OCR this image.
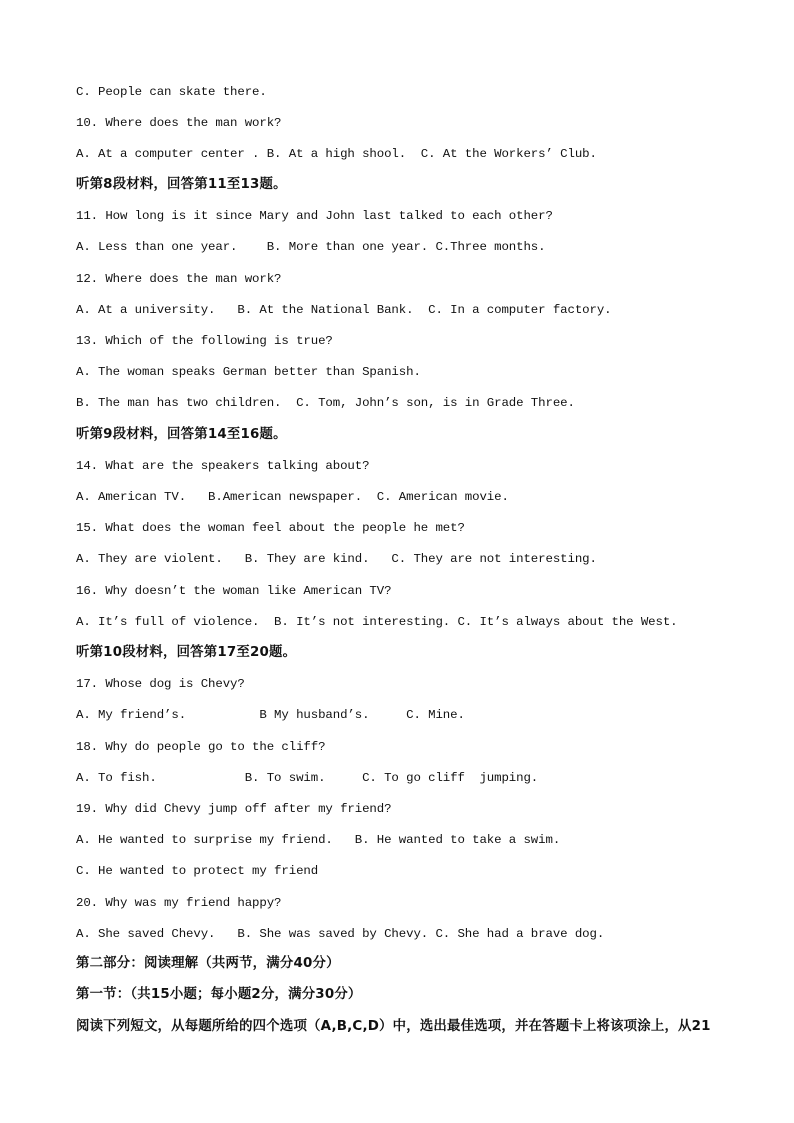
C. People can skate there.
10. Where does the man work?
A. At a computer center . B. At a high shool.  C. At the Workers’ Club.
听第8段材料，回答第11至13题。
11. How long is it since Mary and John last talked to each other?
A. Less than one year.    B. More than one year. C.Three months.
12. Where does the man work?
A. At a university.   B. At the National Bank.  C. In a computer factory.
13. Which of the following is true?
A. The woman speaks German better than Spanish.
B. The man has two children.  C. Tom, John’s son, is in Grade Three.
听第9段材料，回答第14至16题。
14. What are the speakers talking about?
A. American TV.   B.American newspaper.  C. American movie.
15. What does the woman feel about the people he met?
A. They are violent.   B. They are kind.   C. They are not interesting.
16. Why doesn’t the woman like American TV?
A. It’s full of violence.  B. It’s not interesting. C. It’s always about the West.
听第10段材料，回答第17至20题。
17. Whose dog is Chevy?
A. My friend’s.          B My husband’s.     C. Mine.
18. Why do people go to the cliff?
A. To fish.            B. To swim.     C. To go cliff  jumping.
19. Why did Chevy jump off after my friend?
A. He wanted to surprise my friend.   B. He wanted to take a swim.
C. He wanted to protect my friend
20. Why was my friend happy?
A. She saved Chevy.   B. She was saved by Chevy. C. She had a brave dog.
第二部分：阅读理解（共两节，满分40分）
第一节：（共15小题；每小题2分，满分30分）
阅读下列短文，从每题所给的四个选项（A,B,C,D）中，选出最佳选项，并在答题卡上将该项涂上，从21
